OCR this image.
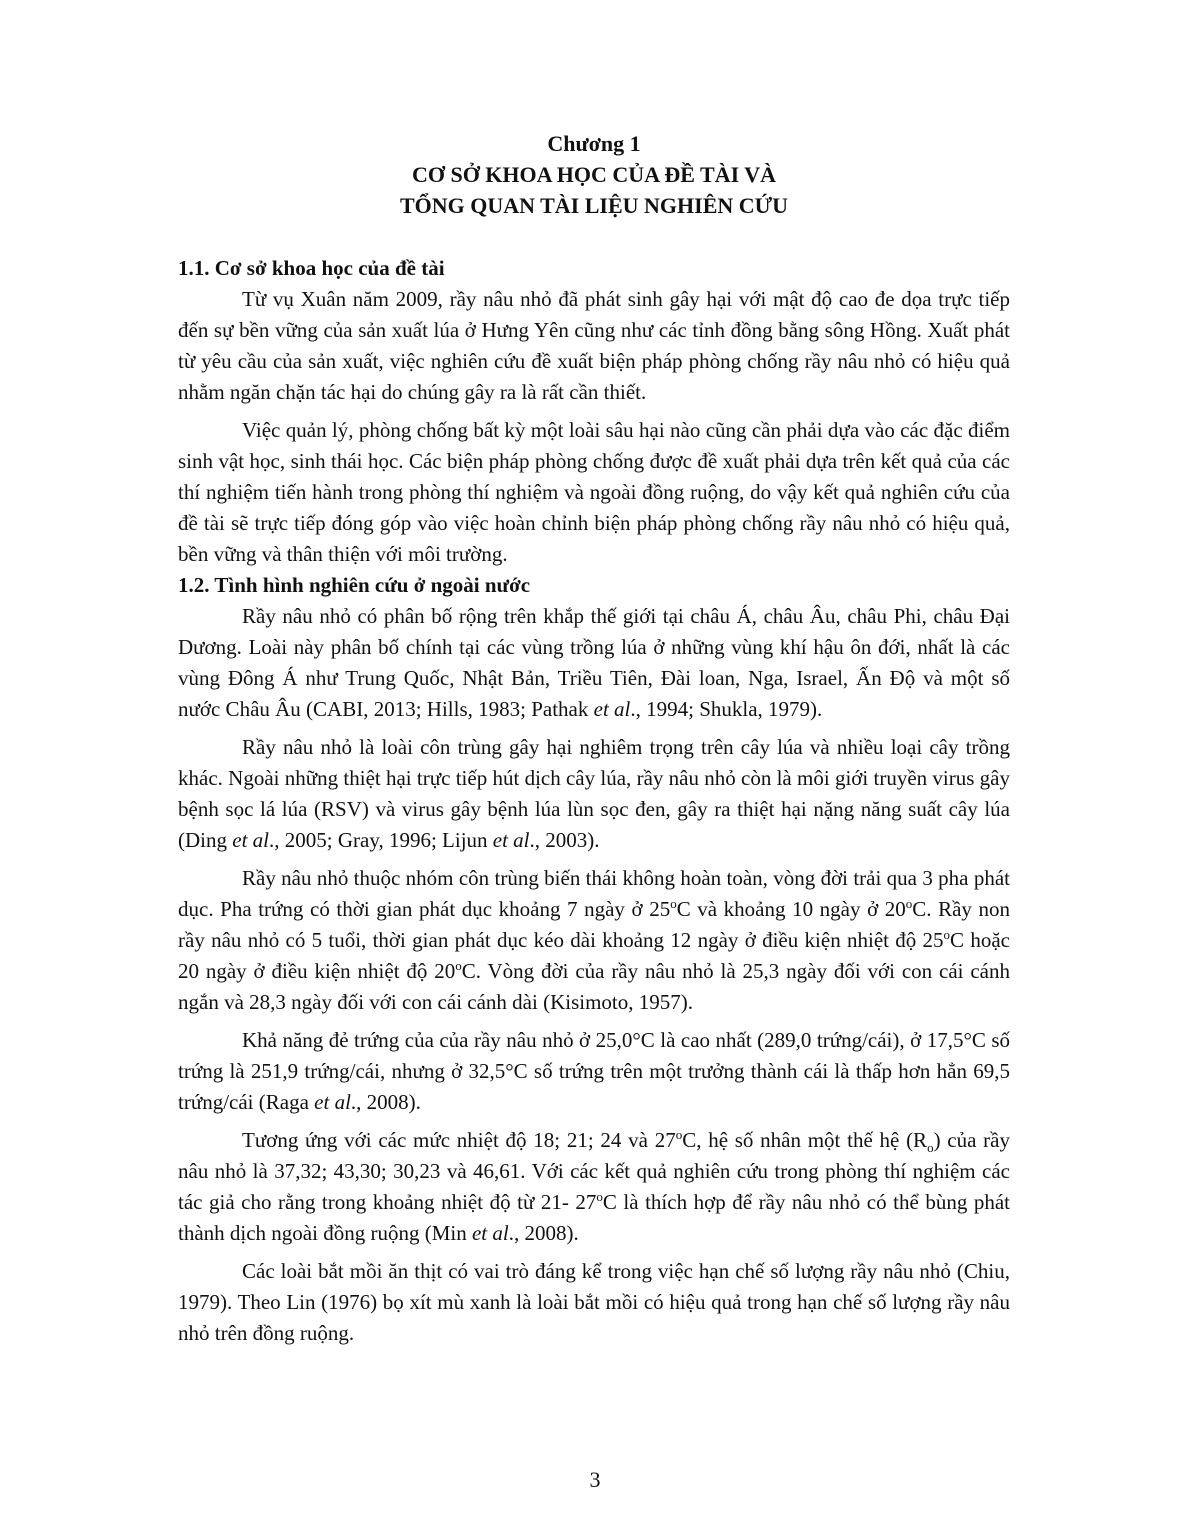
Chương 1

CƠ SỞ KHOA HỌC CỦA ĐỀ TÀI VÀ

TỔNG QUAN TÀI LIỆU NGHIÊN CỨU

1.1. Cơ sở khoa học của đề tài

Từ vụ Xuân năm 2009, rầy nâu nhỏ đã phát sinh gây hại với mật độ cao đe dọa trực tiếp đến sự bền vững của sản xuất lúa ở Hưng Yên cũng như các tỉnh đồng bằng sông Hồng. Xuất phát từ yêu cầu của sản xuất, việc nghiên cứu đề xuất biện pháp phòng chống rầy nâu nhỏ có hiệu quả nhằm ngăn chặn tác hại do chúng gây ra là rất cần thiết.

Việc quản lý, phòng chống bất kỳ một loài sâu hại nào cũng cần phải dựa vào các đặc điểm sinh vật học, sinh thái học. Các biện pháp phòng chống được đề xuất phải dựa trên kết quả của các thí nghiệm tiến hành trong phòng thí nghiệm và ngoài đồng ruộng, do vậy kết quả nghiên cứu của đề tài sẽ trực tiếp đóng góp vào việc hoàn chỉnh biện pháp phòng chống rầy nâu nhỏ có hiệu quả, bền vững và thân thiện với môi trường.

1.2. Tình hình nghiên cứu ở ngoài nước

Rầy nâu nhỏ có phân bố rộng trên khắp thế giới tại châu Á, châu Âu, châu Phi, châu Đại Dương. Loài này phân bố chính tại các vùng trồng lúa ở những vùng khí hậu ôn đới, nhất là các vùng Đông Á như Trung Quốc, Nhật Bản, Triều Tiên, Đài loan, Nga, Israel, Ấn Độ và một số nước Châu Âu (CABI, 2013; Hills, 1983; Pathak et al., 1994; Shukla, 1979).

Rầy nâu nhỏ là loài côn trùng gây hại nghiêm trọng trên cây lúa và nhiều loại cây trồng khác. Ngoài những thiệt hại trực tiếp hút dịch cây lúa, rầy nâu nhỏ còn là môi giới truyền virus gây bệnh sọc lá lúa (RSV) và virus gây bệnh lúa lùn sọc đen, gây ra thiệt hại nặng năng suất cây lúa (Ding et al., 2005; Gray, 1996; Lijun et al., 2003).

Rầy nâu nhỏ thuộc nhóm côn trùng biến thái không hoàn toàn, vòng đời trải qua 3 pha phát dục. Pha trứng có thời gian phát dục khoảng 7 ngày ở 25$^o$C và khoảng 10 ngày ở 20$^o$C. Rầy non rầy nâu nhỏ có 5 tuổi, thời gian phát dục kéo dài khoảng 12 ngày ở điều kiện nhiệt độ 25$^o$C hoặc 20 ngày ở điều kiện nhiệt độ 20$^o$C. Vòng đời của rầy nâu nhỏ là 25,3 ngày đối với con cái cánh ngắn và 28,3 ngày đối với con cái cánh dài (Kisimoto, 1957).

Khả năng đẻ trứng của của rầy nâu nhỏ ở 25,0°C là cao nhất (289,0 trứng/cái), ở 17,5°C số trứng là 251,9 trứng/cái, nhưng ở 32,5°C số trứng trên một trưởng thành cái là thấp hơn hẳn 69,5 trứng/cái (Raga et al., 2008).

Tương ứng với các mức nhiệt độ 18; 21; 24 và 27$^o$C, hệ số nhân một thế hệ $(R_o)$ của rầy nâu nhỏ là 37,32; 43,30; 30,23 và 46,61. Với các kết quả nghiên cứu trong phòng thí nghiệm các tác giả cho rằng trong khoảng nhiệt độ từ 21- 27$^o$C là thích hợp để rầy nâu nhỏ có thể bùng phát thành dịch ngoài đồng ruộng (Min et al., 2008).

Các loài bắt mồi ăn thịt có vai trò đáng kể trong việc hạn chế số lượng rầy nâu nhỏ (Chiu, 1979). Theo Lin (1976) bọ xít mù xanh là loài bắt mồi có hiệu quả trong hạn chế số lượng rầy nâu nhỏ trên đồng ruộng.

3
